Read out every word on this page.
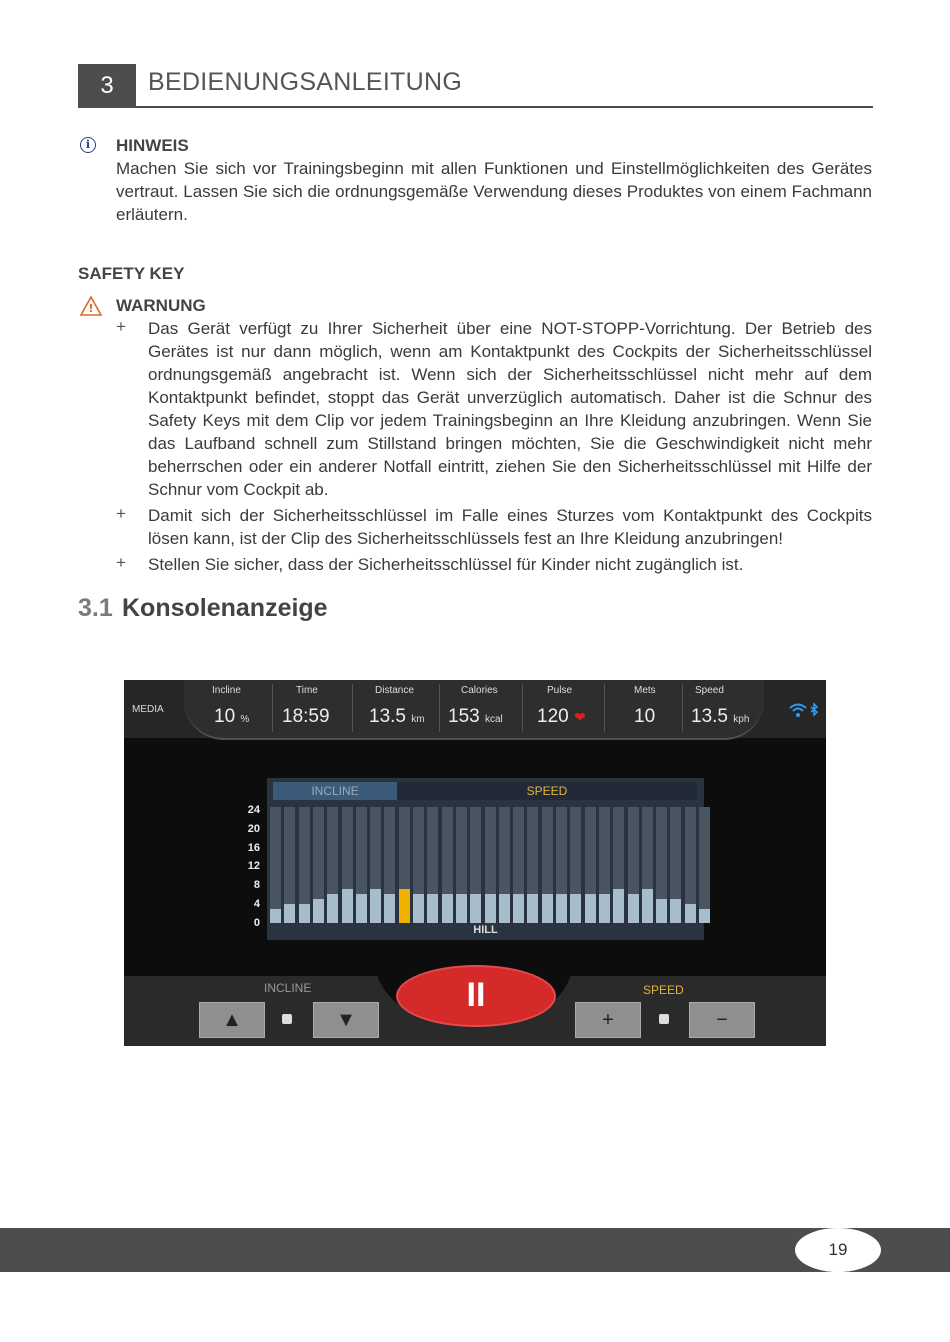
3	BEDIENUNGSANLEITUNG
i	HINWEIS
Machen Sie sich vor Trainingsbeginn mit allen Funktionen und Einstellmöglichkeiten des Gerätes vertraut. Lassen Sie sich die ordnungsgemäße Verwendung dieses Produktes von einem Fachmann erläutern.
SAFETY KEY
! WARNUNG
+ Das Gerät verfügt zu Ihrer Sicherheit über eine NOT-STOPP-Vorrichtung. Der Betrieb des Gerätes ist nur dann möglich, wenn am Kontaktpunkt des Cockpits der Sicherheitsschlüssel ordnungsgemäß angebracht ist. Wenn sich der Sicherheitsschlüssel nicht mehr auf dem Kontaktpunkt befindet, stoppt das Gerät unverzüglich automatisch. Daher ist die Schnur des Safety Keys mit dem Clip vor jedem Trainingsbeginn an Ihre Kleidung anzubringen. Wenn Sie das Laufband schnell zum Stillstand bringen möchten, Sie die Geschwindigkeit nicht mehr beherrschen oder ein anderer Notfall eintritt, ziehen Sie den Sicherheitsschlüssel mit Hilfe der Schnur vom Cockpit ab.
+ Damit sich der Sicherheitsschlüssel im Falle eines Sturzes vom Kontaktpunkt des Cockpits lösen kann, ist der Clip des Sicherheitsschlüssels fest an Ihre Kleidung anzubringen!
+ Stellen Sie sicher, dass der Sicherheitsschlüssel für Kinder nicht zugänglich ist.
3.1 Konsolenanzeige
MEDIA
Incline
10 %
Time
18:59
Distance
13.5 km
Calories
153 kcal
Pulse
120 ❤
Mets
10
Speed
13.5 kph
24
20
16
12
8
4
0
INCLINE	SPEED
HILL
INCLINE	SPEED
▲	▼
II
+	−
19
